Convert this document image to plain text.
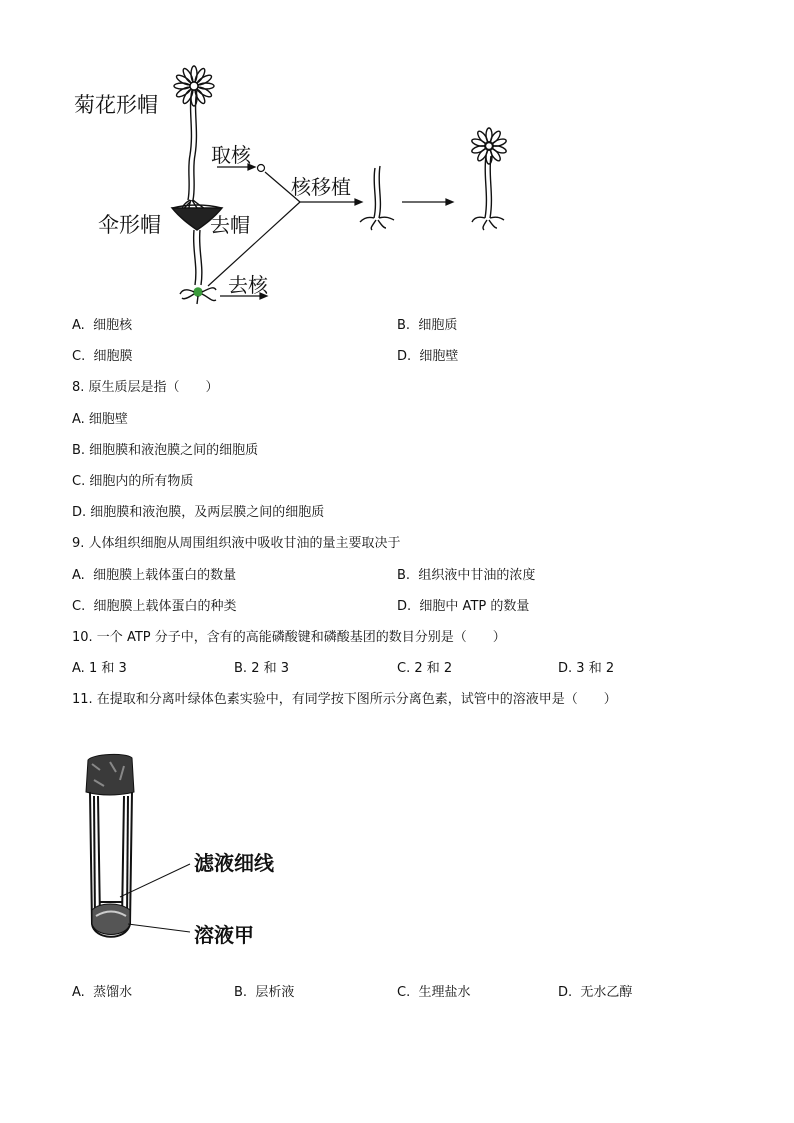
菊花形帽
伞形帽
取核
去帽
去核
核移植
A. 细胞核	B. 细胞质
C. 细胞膜	D. 细胞壁
8. 原生质层是指（　　）
A. 细胞壁
B. 细胞膜和液泡膜之间的细胞质
C. 细胞内的所有物质
D. 细胞膜和液泡膜，及两层膜之间的细胞质
9. 人体组织细胞从周围组织液中吸收甘油的量主要取决于
A. 细胞膜上载体蛋白的数量	B. 组织液中甘油的浓度
C. 细胞膜上载体蛋白的种类	D. 细胞中 ATP 的数量
10. 一个 ATP 分子中，含有的高能磷酸键和磷酸基团的数目分别是（　　）
A. 1 和 3	B. 2 和 3	C. 2 和 2	D. 3 和 2
11. 在提取和分离叶绿体色素实验中，有同学按下图所示分离色素，试管中的溶液甲是（　　）
滤液细线
溶液甲
A. 蒸馏水	B. 层析液	C. 生理盐水	D. 无水乙醇
